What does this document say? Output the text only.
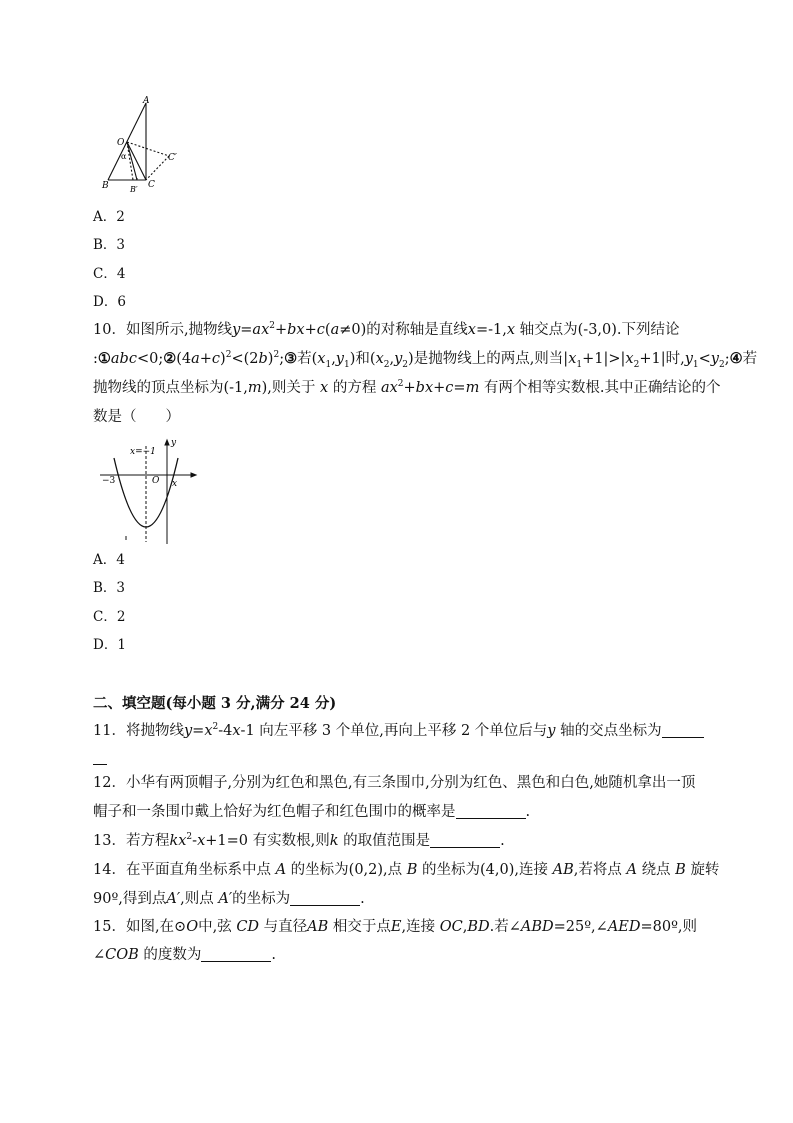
A
O
α	C′
B	B′ C
A．2
B．3
C．4
D．6
10．如图所示,抛物线$y=ax^2+bx+c(a\ne 0)$的对称轴是直线x=-1,x 轴交点为(-3,0).下列结论
$:①abc<0;②(4a+c)^2<(2b)^2;③$若$(x_1,y_1)$和$(x_2,y_2)$是抛物线上的两点,则当$|x_1+1|>|x_2+1|$时$,y_1<y_2;④$若
抛物线的顶点坐标为(-1,m),则关于 x 的方程 $ax^2+bx+c=m$ 有两个相等实数根.其中正确结论的个
数是（　　）
x
y
O
x=−1
−3
A．4
B．3
C．2
D．1
二、填空题(每小题 3 分,满分 24 分)
11．将抛物线$y=x^2-4x-1$ 向左平移 3 个单位,再向上平移 2 个单位后与y 轴的交点坐标为
12．小华有两顶帽子,分别为红色和黑色,有三条围巾,分别为红色、黑色和白色,她随机拿出一顶
帽子和一条围巾戴上恰好为红色帽子和红色围巾的概率是	.
13．若方程$kx^2-x+1=0$ 有实数根,则k 的取值范围是	.
14．在平面直角坐标系中点 A 的坐标为(0,2),点 B 的坐标为(4,0),连接 AB,若将点 A 绕点 B 旋转
90º,得到点A′,则点 A′的坐标为	.
15．如图,在⊙O中,弦 CD 与直径AB 相交于点E,连接 OC,BD.若∠ABD=25º,∠AED=80º,则
∠COB 的度数为	.
